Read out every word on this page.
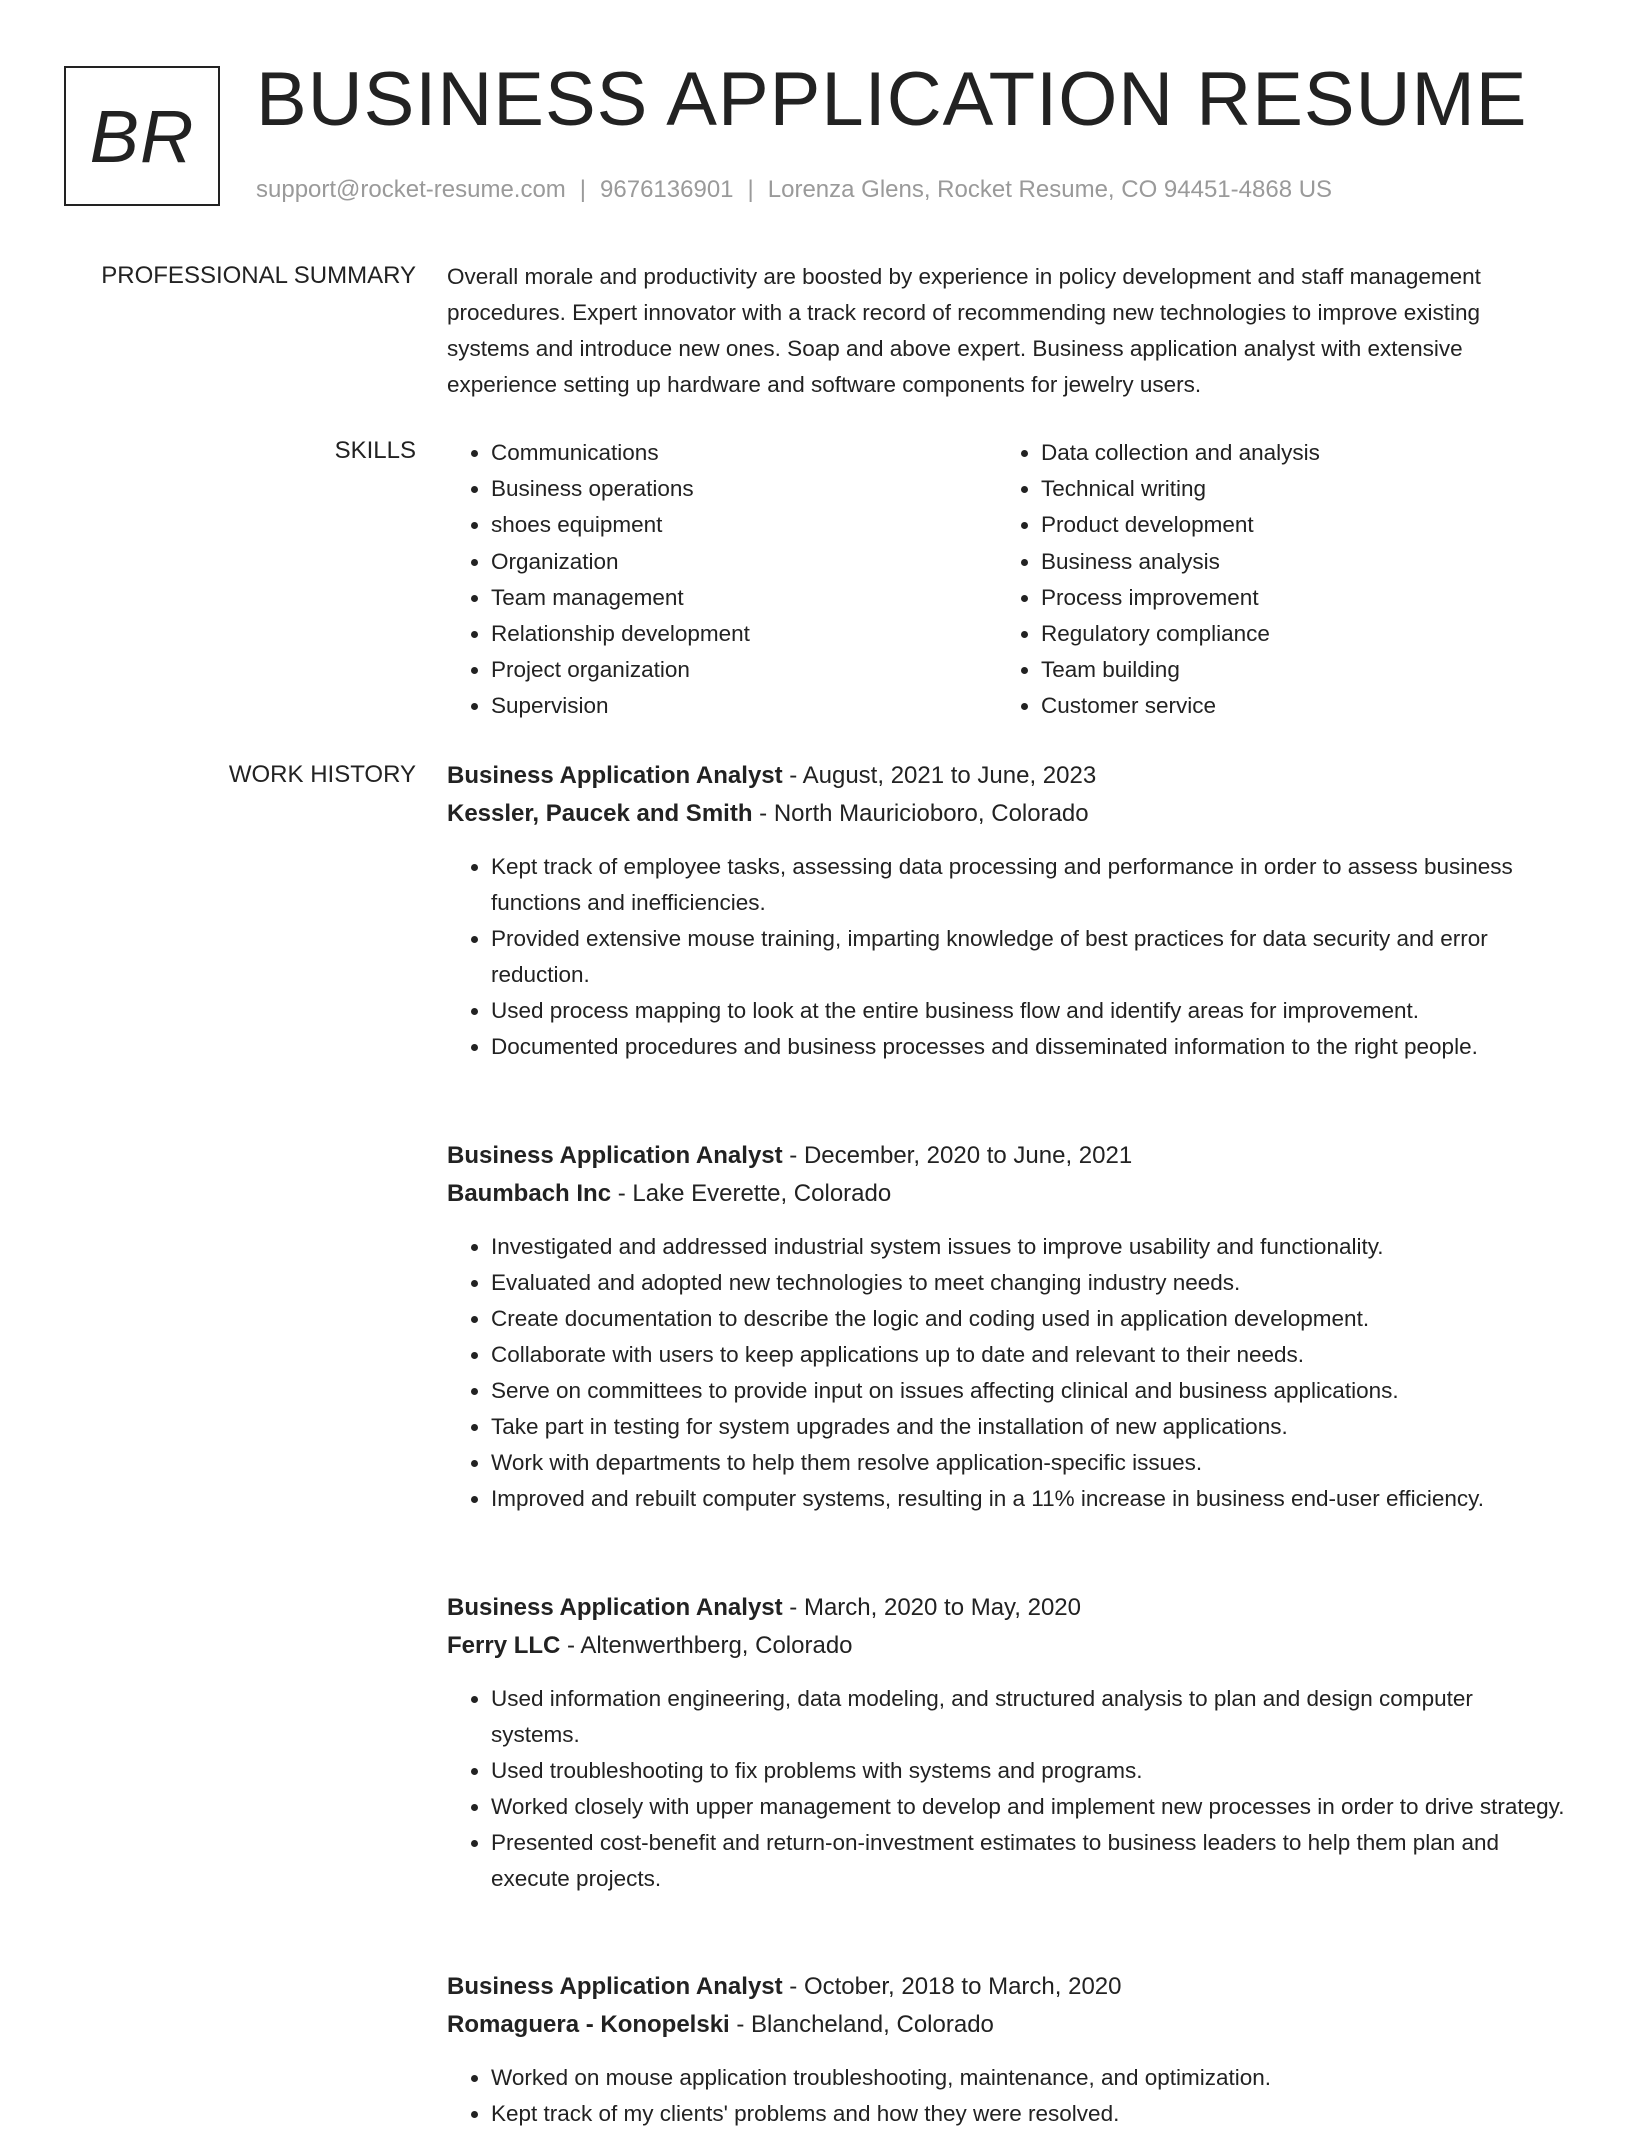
BR BUSINESS APPLICATION RESUME
support@rocket-resume.com | 9676136901 | Lorenza Glens, Rocket Resume, CO 94451-4868 US
PROFESSIONAL SUMMARY Overall morale and productivity are boosted by experience in policy development and staff management procedures. Expert innovator with a track record of recommending new technologies to improve existing systems and introduce new ones. Soap and above expert. Business application analyst with extensive experience setting up hardware and software components for jewelry users.

SKILLS
•	Communications
• Business operations
• shoes equipment
• Organization
• Team management
• Relationship development
• Project organization
• Supervision
• Data collection and analysis
• Technical writing
• Product development
• Business analysis
• Process improvement
• Regulatory compliance
• Team building
• Customer service
WORK HISTORY Business Application Analyst - August, 2021 to June, 2023
Kessler, Paucek and Smith - North Mauricioboro, Colorado
• Kept track of employee tasks, assessing data processing and performance in order to assess business functions and inefficiencies.
• Provided extensive mouse training, imparting knowledge of best practices for data security and error reduction.
• Used process mapping to look at the entire business flow and identify areas for improvement.
• Documented procedures and business processes and disseminated information to the right people.
Business Application Analyst - December, 2020 to June, 2021
Baumbach Inc - Lake Everette, Colorado
• Investigated and addressed industrial system issues to improve usability and functionality.
• Evaluated and adopted new technologies to meet changing industry needs.
• Create documentation to describe the logic and coding used in application development.
• Collaborate with users to keep applications up to date and relevant to their needs.
• Serve on committees to provide input on issues affecting clinical and business applications.
• Take part in testing for system upgrades and the installation of new applications.
• Work with departments to help them resolve application-specific issues.
• Improved and rebuilt computer systems, resulting in a 11% increase in business end-user efficiency.
Business Application Analyst - March, 2020 to May, 2020
Ferry LLC - Altenwerthberg, Colorado
• Used information engineering, data modeling, and structured analysis to plan and design computer systems.
• Used troubleshooting to fix problems with systems and programs.
• Worked closely with upper management to develop and implement new processes in order to drive strategy.
• Presented cost-benefit and return-on-investment estimates to business leaders to help them plan and execute projects.
Business Application Analyst - October, 2018 to March, 2020
Romaguera - Konopelski - Blancheland, Colorado
• Worked on mouse application troubleshooting, maintenance, and optimization.
• Kept track of my clients' problems and how they were resolved.
